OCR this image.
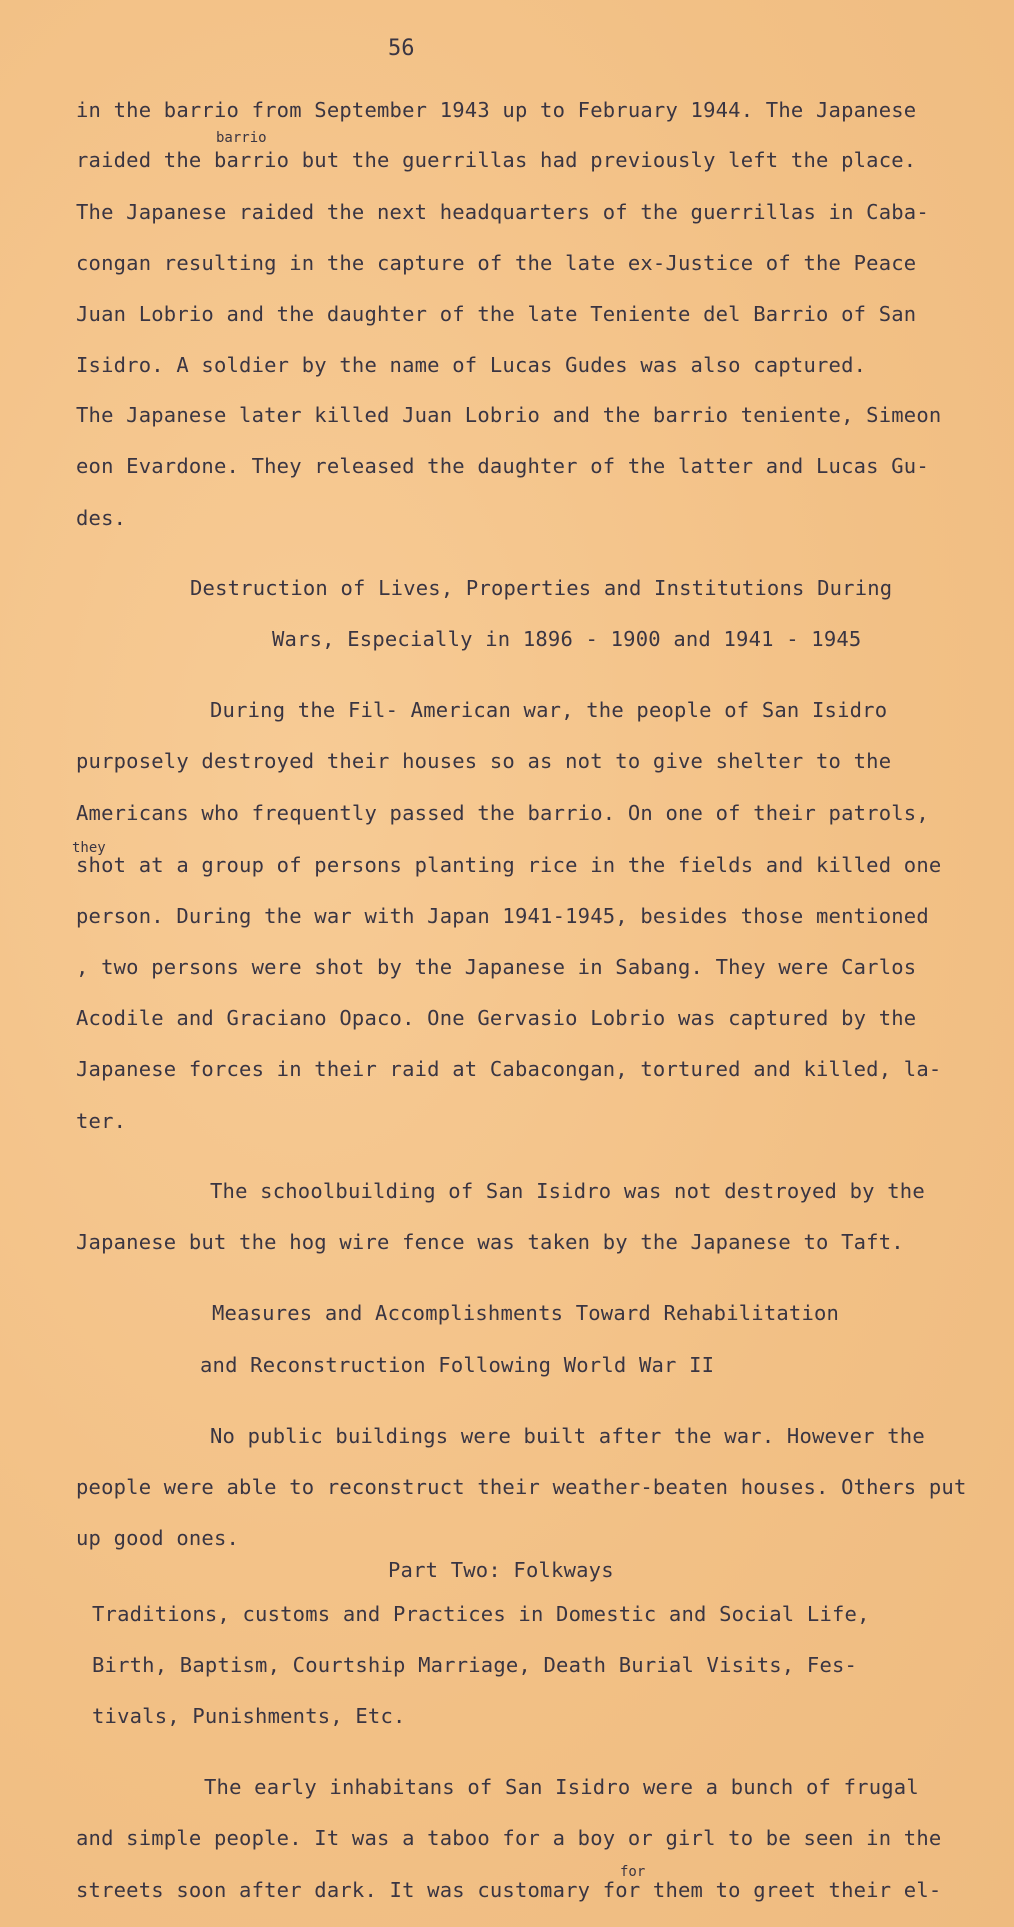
56
in the barrio from September 1943 up to February 1944. The Japanese
barrio
raided the barrio but the guerrillas had previously left the place.
The Japanese raided the next headquarters of the guerrillas in Caba-
congan resulting in the capture of the late ex-Justice of the Peace
Juan Lobrio and the daughter of the late Teniente del Barrio of San
Isidro. A soldier by the name of Lucas Gudes was also captured.
The Japanese later killed Juan Lobrio and the barrio teniente, Simeon
eon Evardone. They released the daughter of the latter and Lucas Gu-
des.
Destruction of Lives, Properties and Institutions During
Wars, Especially in 1896 - 1900 and 1941 - 1945
During the Fil- American war, the people of San Isidro
purposely destroyed their houses so as not to give shelter to the
Americans who frequently passed the barrio. On one of their patrols,
they
shot at a group of persons planting rice in the fields and killed one
person. During the war with Japan 1941-1945, besides those mentioned
, two persons were shot by the Japanese in Sabang. They were Carlos
Acodile and Graciano Opaco. One Gervasio Lobrio was captured by the
Japanese forces in their raid at Cabacongan, tortured and killed, la-
ter.
The schoolbuilding of San Isidro was not destroyed by the
Japanese but the hog wire fence was taken by the Japanese to Taft.
Measures and Accomplishments Toward Rehabilitation
and Reconstruction Following World War II
No public buildings were built after the war. However the
people were able to reconstruct their weather-beaten houses. Others put
up good ones.
Part Two: Folkways
Traditions, customs and Practices in Domestic and Social Life,
Birth, Baptism, Courtship Marriage, Death Burial Visits, Fes-
tivals, Punishments, Etc.
The early inhabitans of San Isidro were a bunch of frugal
and simple people. It was a taboo for a boy or girl to be seen in the
for
streets soon after dark. It was customary for them to greet their el-
